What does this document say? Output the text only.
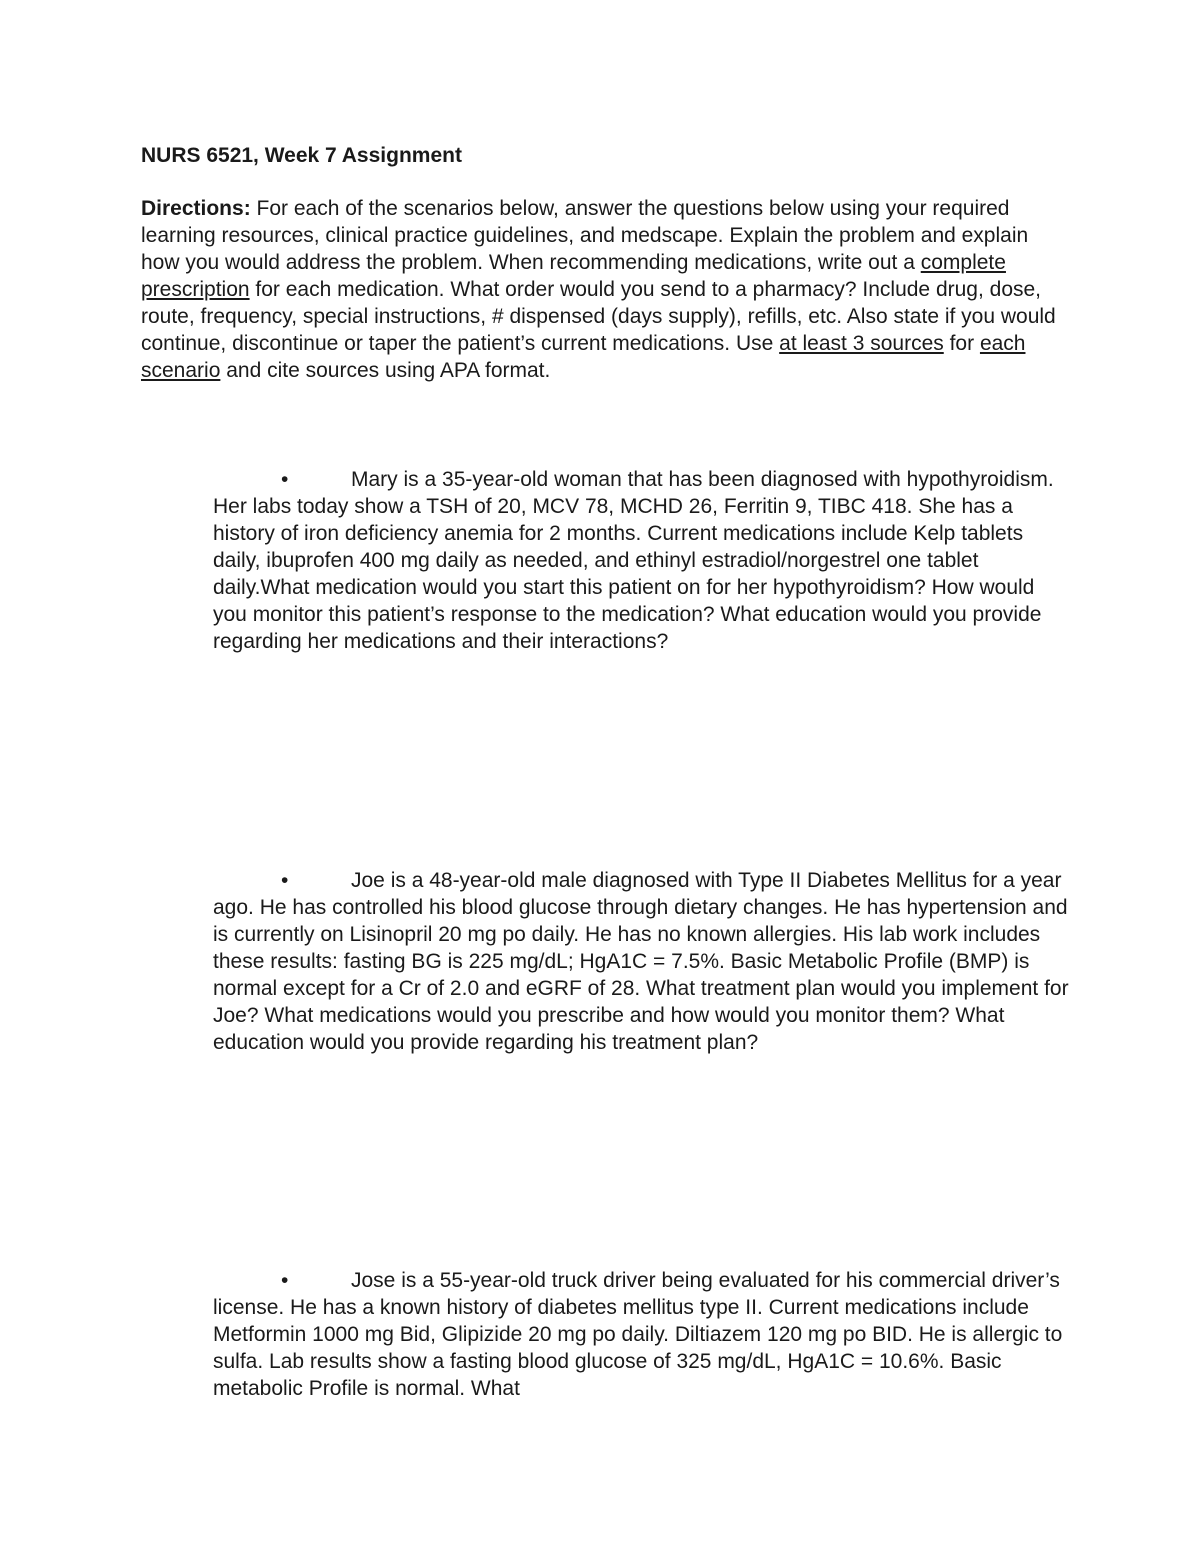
NURS 6521, Week 7 Assignment

Directions: For each of the scenarios below, answer the questions below using your required learning resources, clinical practice guidelines, and medscape. Explain the problem and explain how you would address the problem. When recommending medications, write out a complete prescription for each medication. What order would you send to a pharmacy? Include drug, dose, route, frequency, special instructions, # dispensed (days supply), refills, etc. Also state if you would continue, discontinue or taper the patient’s current medications. Use at least 3 sources for each scenario and cite sources using APA format.

•	Mary is a 35-year-old woman that has been diagnosed with hypothyroidism. Her labs today show a TSH of 20, MCV 78, MCHD 26, Ferritin 9, TIBC 418. She has a history of iron deficiency anemia for 2 months. Current medications include Kelp tablets daily, ibuprofen 400 mg daily as needed, and ethinyl estradiol/norgestrel one tablet daily.What medication would you start this patient on for her hypothyroidism? How would you monitor this patient’s response to the medication? What education would you provide regarding her medications and their interactions?

•	Joe is a 48-year-old male diagnosed with Type II Diabetes Mellitus for a year ago. He has controlled his blood glucose through dietary changes. He has hypertension and is currently on Lisinopril 20 mg po daily. He has no known allergies. His lab work includes these results: fasting BG is 225 mg/dL; HgA1C = 7.5%. Basic Metabolic Profile (BMP) is normal except for a Cr of 2.0 and eGRF of 28. What treatment plan would you implement for Joe? What medications would you prescribe and how would you monitor them? What education would you provide regarding his treatment plan?

•	Jose is a 55-year-old truck driver being evaluated for his commercial driver’s license. He has a known history of diabetes mellitus type II. Current medications include Metformin 1000 mg Bid, Glipizide 20 mg po daily. Diltiazem 120 mg po BID. He is allergic to sulfa. Lab results show a fasting blood glucose of 325 mg/dL, HgA1C = 10.6%. Basic metabolic Profile is normal. What
